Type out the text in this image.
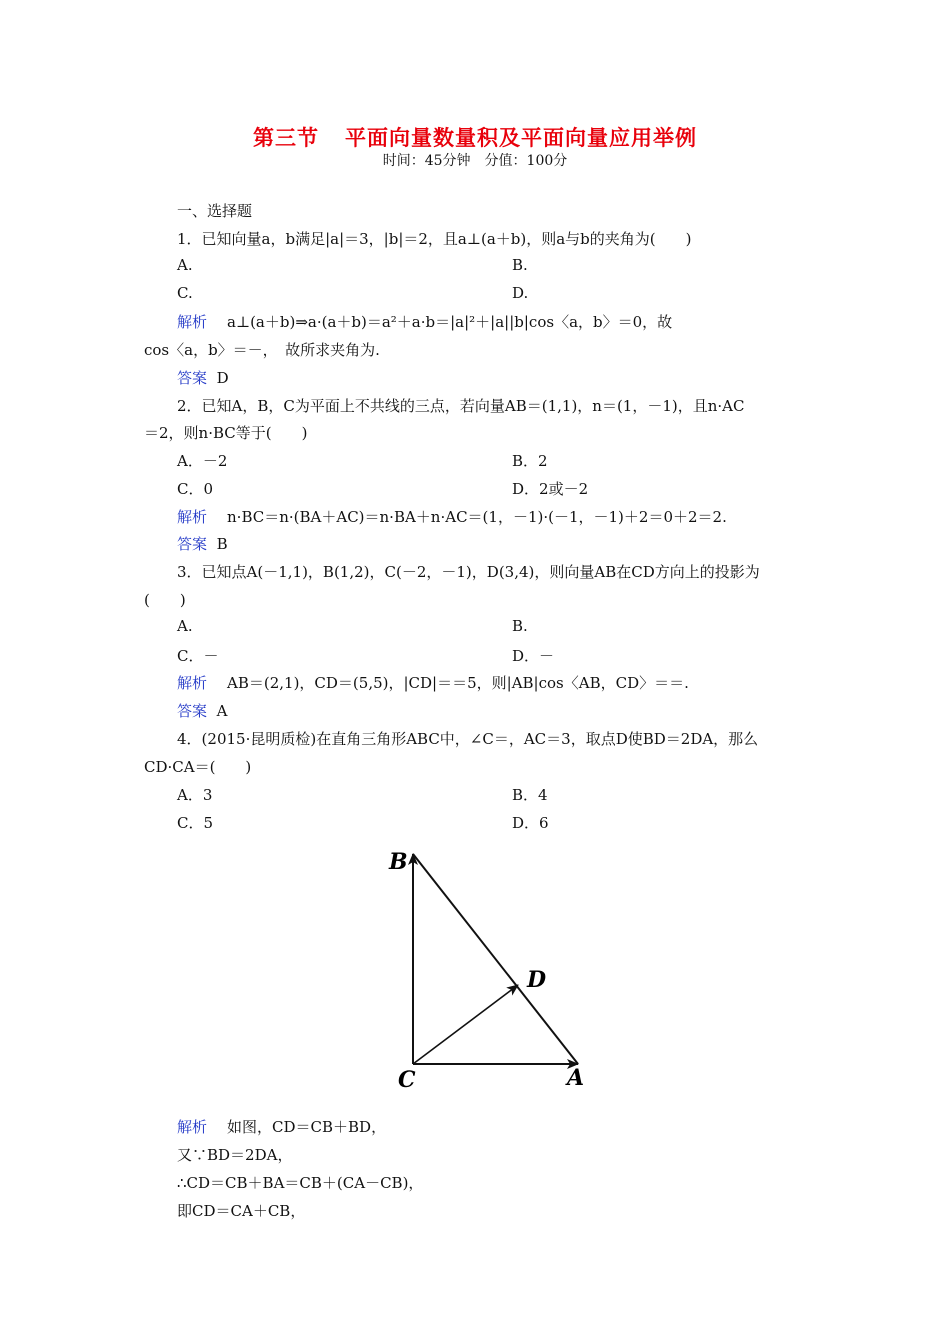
第三节 平面向量数量积及平面向量应用举例
时间：45分钟　分值：100分
一、选择题
1．已知向量a，b满足|a|＝3，|b|＝2，且a⊥(a＋b)，则a与b的夹角为(　　)
A.	B.
C.	D.
解析 a⊥(a＋b)⇒a·(a＋b)＝a²＋a·b＝|a|²＋|a||b|cos〈a，b〉＝0，故
cos〈a，b〉＝－，　故所求夹角为.
答案 D
2．已知A，B，C为平面上不共线的三点，若向量AB＝(1,1)，n＝(1，－1)，且n·AC
＝2，则n·BC等于(　　)
A．－2	B．2
C．0	D．2或－2
解析 n·BC＝n·(BA＋AC)＝n·BA＋n·AC＝(1，－1)·(－1，－1)＋2＝0＋2＝2.
答案 B
3．已知点A(－1,1)，B(1,2)，C(－2，－1)，D(3,4)，则向量AB在CD方向上的投影为
(　　)
A.	B.
C．－	D．－
解析 AB＝(2,1)，CD＝(5,5)，|CD|＝＝5，则|AB|cos〈AB，CD〉＝＝.
答案 A
4．(2015·昆明质检)在直角三角形ABC中，∠C＝，AC＝3，取点D使BD＝2DA，那么
CD·CA＝(　　)
A．3	B．4
C．5	D．6
B
D
C	A
解析 如图，CD＝CB＋BD，
又∵BD＝2DA，
∴CD＝CB＋BA＝CB＋(CA－CB)，
即CD＝CA＋CB，
